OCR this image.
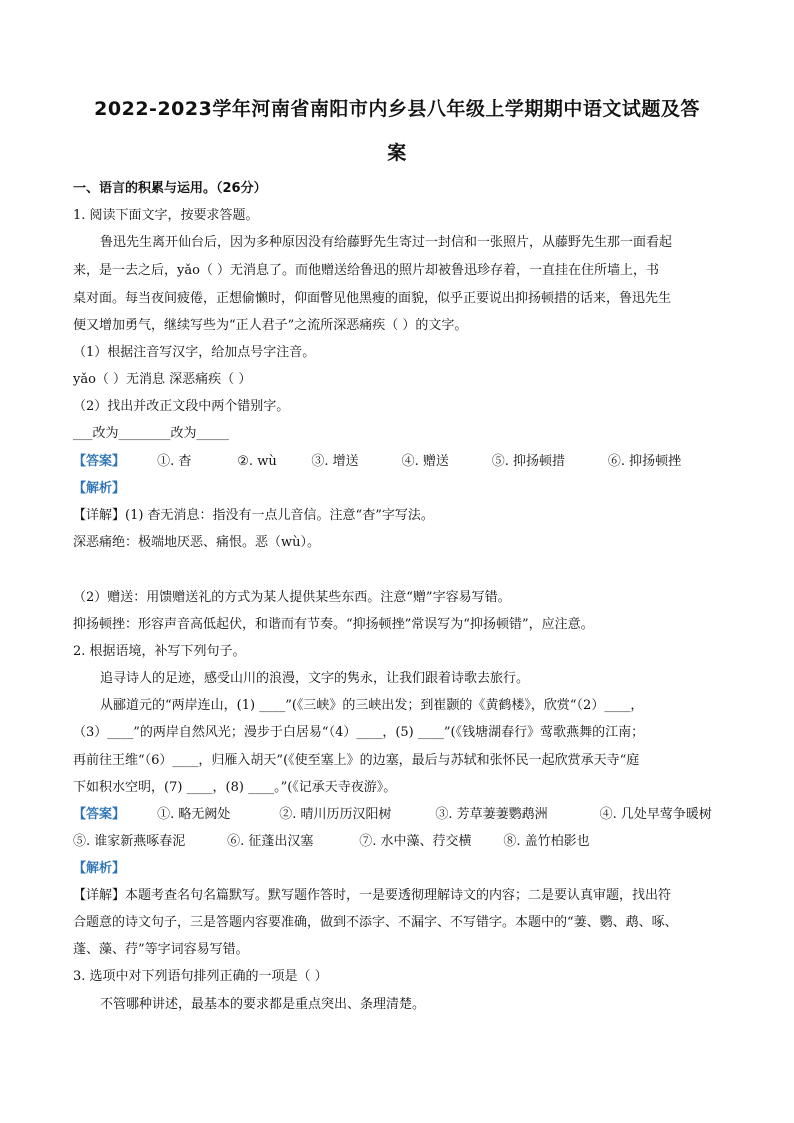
2022-2023学年河南省南阳市内乡县八年级上学期期中语文试题及答
案
一、语言的积累与运用。（26分）
1. 阅读下面文字，按要求答题。
鲁迅先生离开仙台后，因为多种原因没有给藤野先生寄过一封信和一张照片，从藤野先生那一面看起
来，是一去之后，yǎo（ ）无消息了。而他赠送给鲁迅的照片却被鲁迅珍存着，一直挂在住所墙上，书
桌对面。每当夜间疲倦，正想偷懒时，仰面瞥见他黑瘦的面貌，似乎正要说出抑扬顿措的话来，鲁迅先生
便又增加勇气，继续写些为“正人君子”之流所深恶痛疾（ ）的文字。
（1）根据注音写汉字，给加点号字注音。
yǎo（ ）无消息 深恶痛疾（ ）
（2）找出并改正文段中两个错别字。
___改为________改为_____
【答案】 ①. 杳	②. wù	③. 增送	④. 赠送	⑤. 抑扬顿措	⑥. 抑扬顿挫
【解析】
【详解】(1) 杳无消息：指没有一点儿音信。注意“杳”字写法。
深恶痛绝：极端地厌恶、痛恨。恶（wù）。
（2）赠送：用馈赠送礼的方式为某人提供某些东西。注意“赠”字容易写错。
抑扬顿挫：形容声音高低起伏，和谐而有节奏。“抑扬顿挫”常误写为“抑扬顿错”，应注意。
2. 根据语境，补写下列句子。
追寻诗人的足迹，感受山川的浪漫，文字的隽永，让我们跟着诗歌去旅行。
从郦道元的“两岸连山，(1) ____”(《三峡》的三峡出发；到崔颢的《黄鹤楼》，欣赏“（2）____，
（3）____”的两岸自然风光；漫步于白居易“（4）____，(5) ____”(《钱塘湖春行》莺歌燕舞的江南；
再前往王维“（6）____，归雁入胡天”(《使至塞上》的边塞，最后与苏轼和张怀民一起欣赏承天寺“庭
下如积水空明，(7) ____，(8) ____。”(《记承天寺夜游》。
【答案】 ①. 略无阙处	②. 晴川历历汉阳树	③. 芳草萋萋鹦鹉洲	④. 几处早莺争暖树
⑤. 谁家新燕啄春泥	⑥. 征蓬出汉塞	⑦. 水中藻、荇交横 ⑧. 盖竹柏影也
【解析】
【详解】本题考查名句名篇默写。默写题作答时，一是要透彻理解诗文的内容；二是要认真审题，找出符
合题意的诗文句子，三是答题内容要准确，做到不添字、不漏字、不写错字。本题中的“萋、鹦、鹉、啄、
蓬、藻、荇”等字词容易写错。
3. 选项中对下列语句排列正确的一项是（ ）
不管哪种讲述，最基本的要求都是重点突出、条理清楚。
